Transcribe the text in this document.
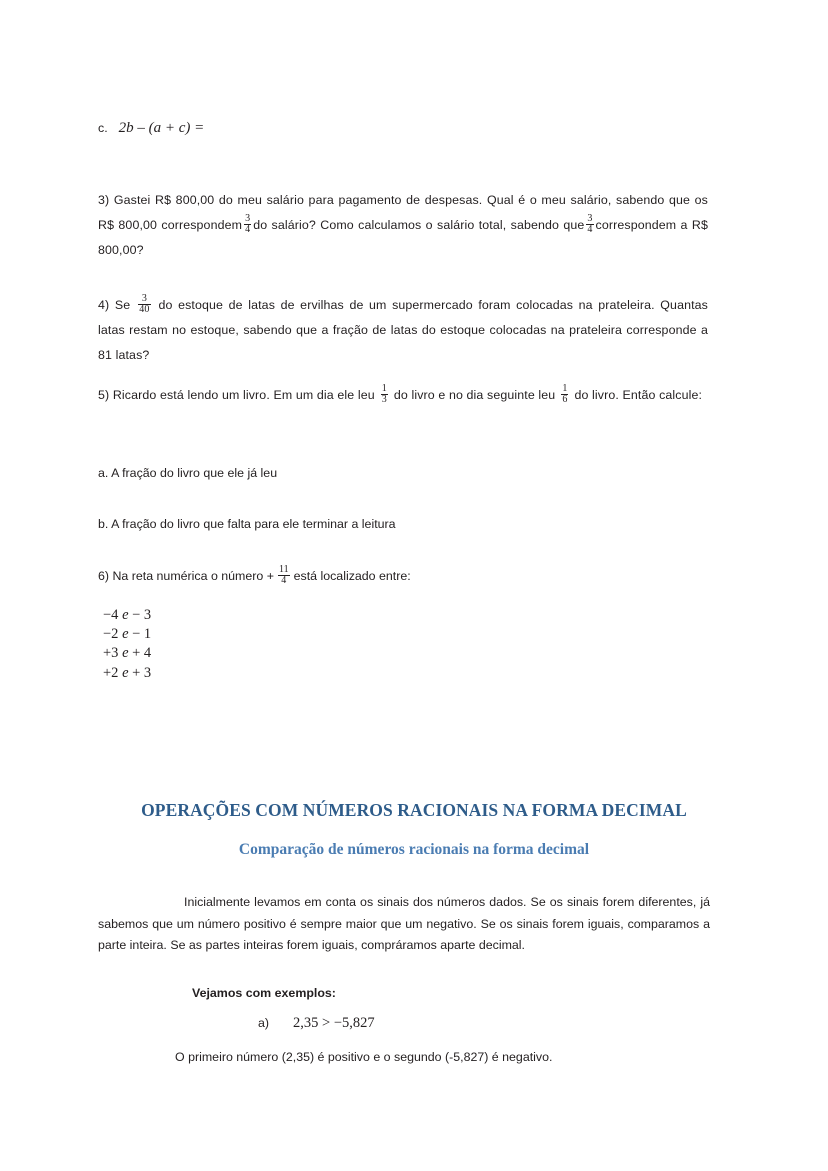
c. 2b – (a + c) =
3) Gastei R$ 800,00 do meu salário para pagamento de despesas. Qual é o meu salário, sabendo que os R$ 800,00 correspondem $\frac{3}{4}$ do salário? Como calculamos o salário total, sabendo que $\frac{3}{4}$ correspondem a R$ 800,00?
4) Se $\frac{3}{40}$ do estoque de latas de ervilhas de um supermercado foram colocadas na prateleira. Quantas latas restam no estoque, sabendo que a fração de latas do estoque colocadas na prateleira corresponde a 81 latas?
5) Ricardo está lendo um livro. Em um dia ele leu $\frac{1}{3}$ do livro e no dia seguinte leu $\frac{1}{6}$ do livro. Então calcule:
a. A fração do livro que ele já leu
b. A fração do livro que falta para ele terminar a leitura
6) Na reta numérica o número + $\frac{11}{4}$ está localizado entre:
−4 e − 3
−2 e − 1
+3 e + 4
+2 e + 3
OPERAÇÕES COM NÚMEROS RACIONAIS NA FORMA DECIMAL
Comparação de números racionais na forma decimal
Inicialmente levamos em conta os sinais dos números dados. Se os sinais forem diferentes, já sabemos que um número positivo é sempre maior que um negativo. Se os sinais forem iguais, comparamos a parte inteira. Se as partes inteiras forem iguais, compráramos aparte decimal.
Vejamos com exemplos:
a) 2,35 > −5,827
O primeiro número (2,35) é positivo e o segundo (-5,827) é negativo.
